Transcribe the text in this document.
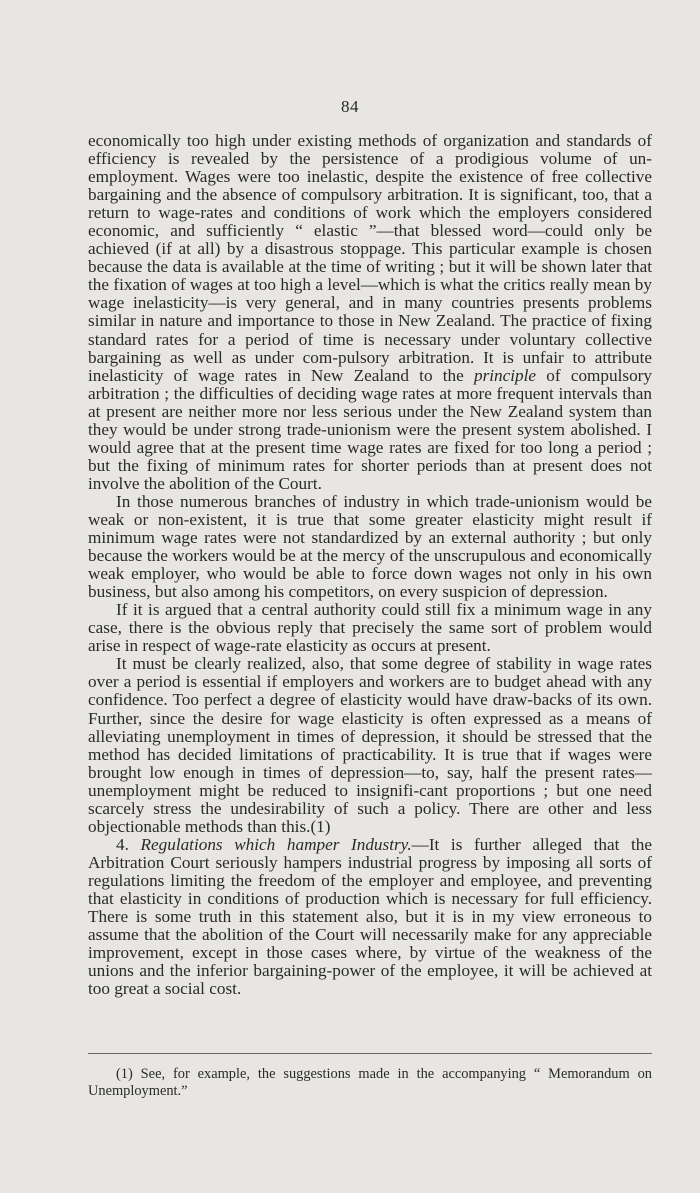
84

economically too high under existing methods of organization and standards of efficiency is revealed by the persistence of a prodigious volume of un-employment. Wages were too inelastic, despite the existence of free collective bargaining and the absence of compulsory arbitration. It is significant, too, that a return to wage-rates and conditions of work which the employers considered economic, and sufficiently “ elastic ”—that blessed word—could only be achieved (if at all) by a disastrous stoppage. This particular example is chosen because the data is available at the time of writing ; but it will be shown later that the fixation of wages at too high a level—which is what the critics really mean by wage inelasticity—is very general, and in many countries presents problems similar in nature and importance to those in New Zealand. The practice of fixing standard rates for a period of time is necessary under voluntary collective bargaining as well as under com-pulsory arbitration. It is unfair to attribute inelasticity of wage rates in New Zealand to the principle of compulsory arbitration ; the difficulties of deciding wage rates at more frequent intervals than at present are neither more nor less serious under the New Zealand system than they would be under strong trade-unionism were the present system abolished. I would agree that at the present time wage rates are fixed for too long a period ; but the fixing of minimum rates for shorter periods than at present does not involve the abolition of the Court.

In those numerous branches of industry in which trade-unionism would be weak or non-existent, it is true that some greater elasticity might result if minimum wage rates were not standardized by an external authority ; but only because the workers would be at the mercy of the unscrupulous and economically weak employer, who would be able to force down wages not only in his own business, but also among his competitors, on every suspicion of depression.

If it is argued that a central authority could still fix a minimum wage in any case, there is the obvious reply that precisely the same sort of problem would arise in respect of wage-rate elasticity as occurs at present.

It must be clearly realized, also, that some degree of stability in wage rates over a period is essential if employers and workers are to budget ahead with any confidence. Too perfect a degree of elasticity would have draw-backs of its own. Further, since the desire for wage elasticity is often expressed as a means of alleviating unemployment in times of depression, it should be stressed that the method has decided limitations of practicability. It is true that if wages were brought low enough in times of depression—to, say, half the present rates—unemployment might be reduced to insignifi-cant proportions ; but one need scarcely stress the undesirability of such a policy. There are other and less objectionable methods than this.(1)

4. Regulations which hamper Industry.—It is further alleged that the Arbitration Court seriously hampers industrial progress by imposing all sorts of regulations limiting the freedom of the employer and employee, and preventing that elasticity in conditions of production which is necessary for full efficiency. There is some truth in this statement also, but it is in my view erroneous to assume that the abolition of the Court will necessarily make for any appreciable improvement, except in those cases where, by virtue of the weakness of the unions and the inferior bargaining-power of the employee, it will be achieved at too great a social cost.

(1) See, for example, the suggestions made in the accompanying “ Memorandum on Unemployment.”
